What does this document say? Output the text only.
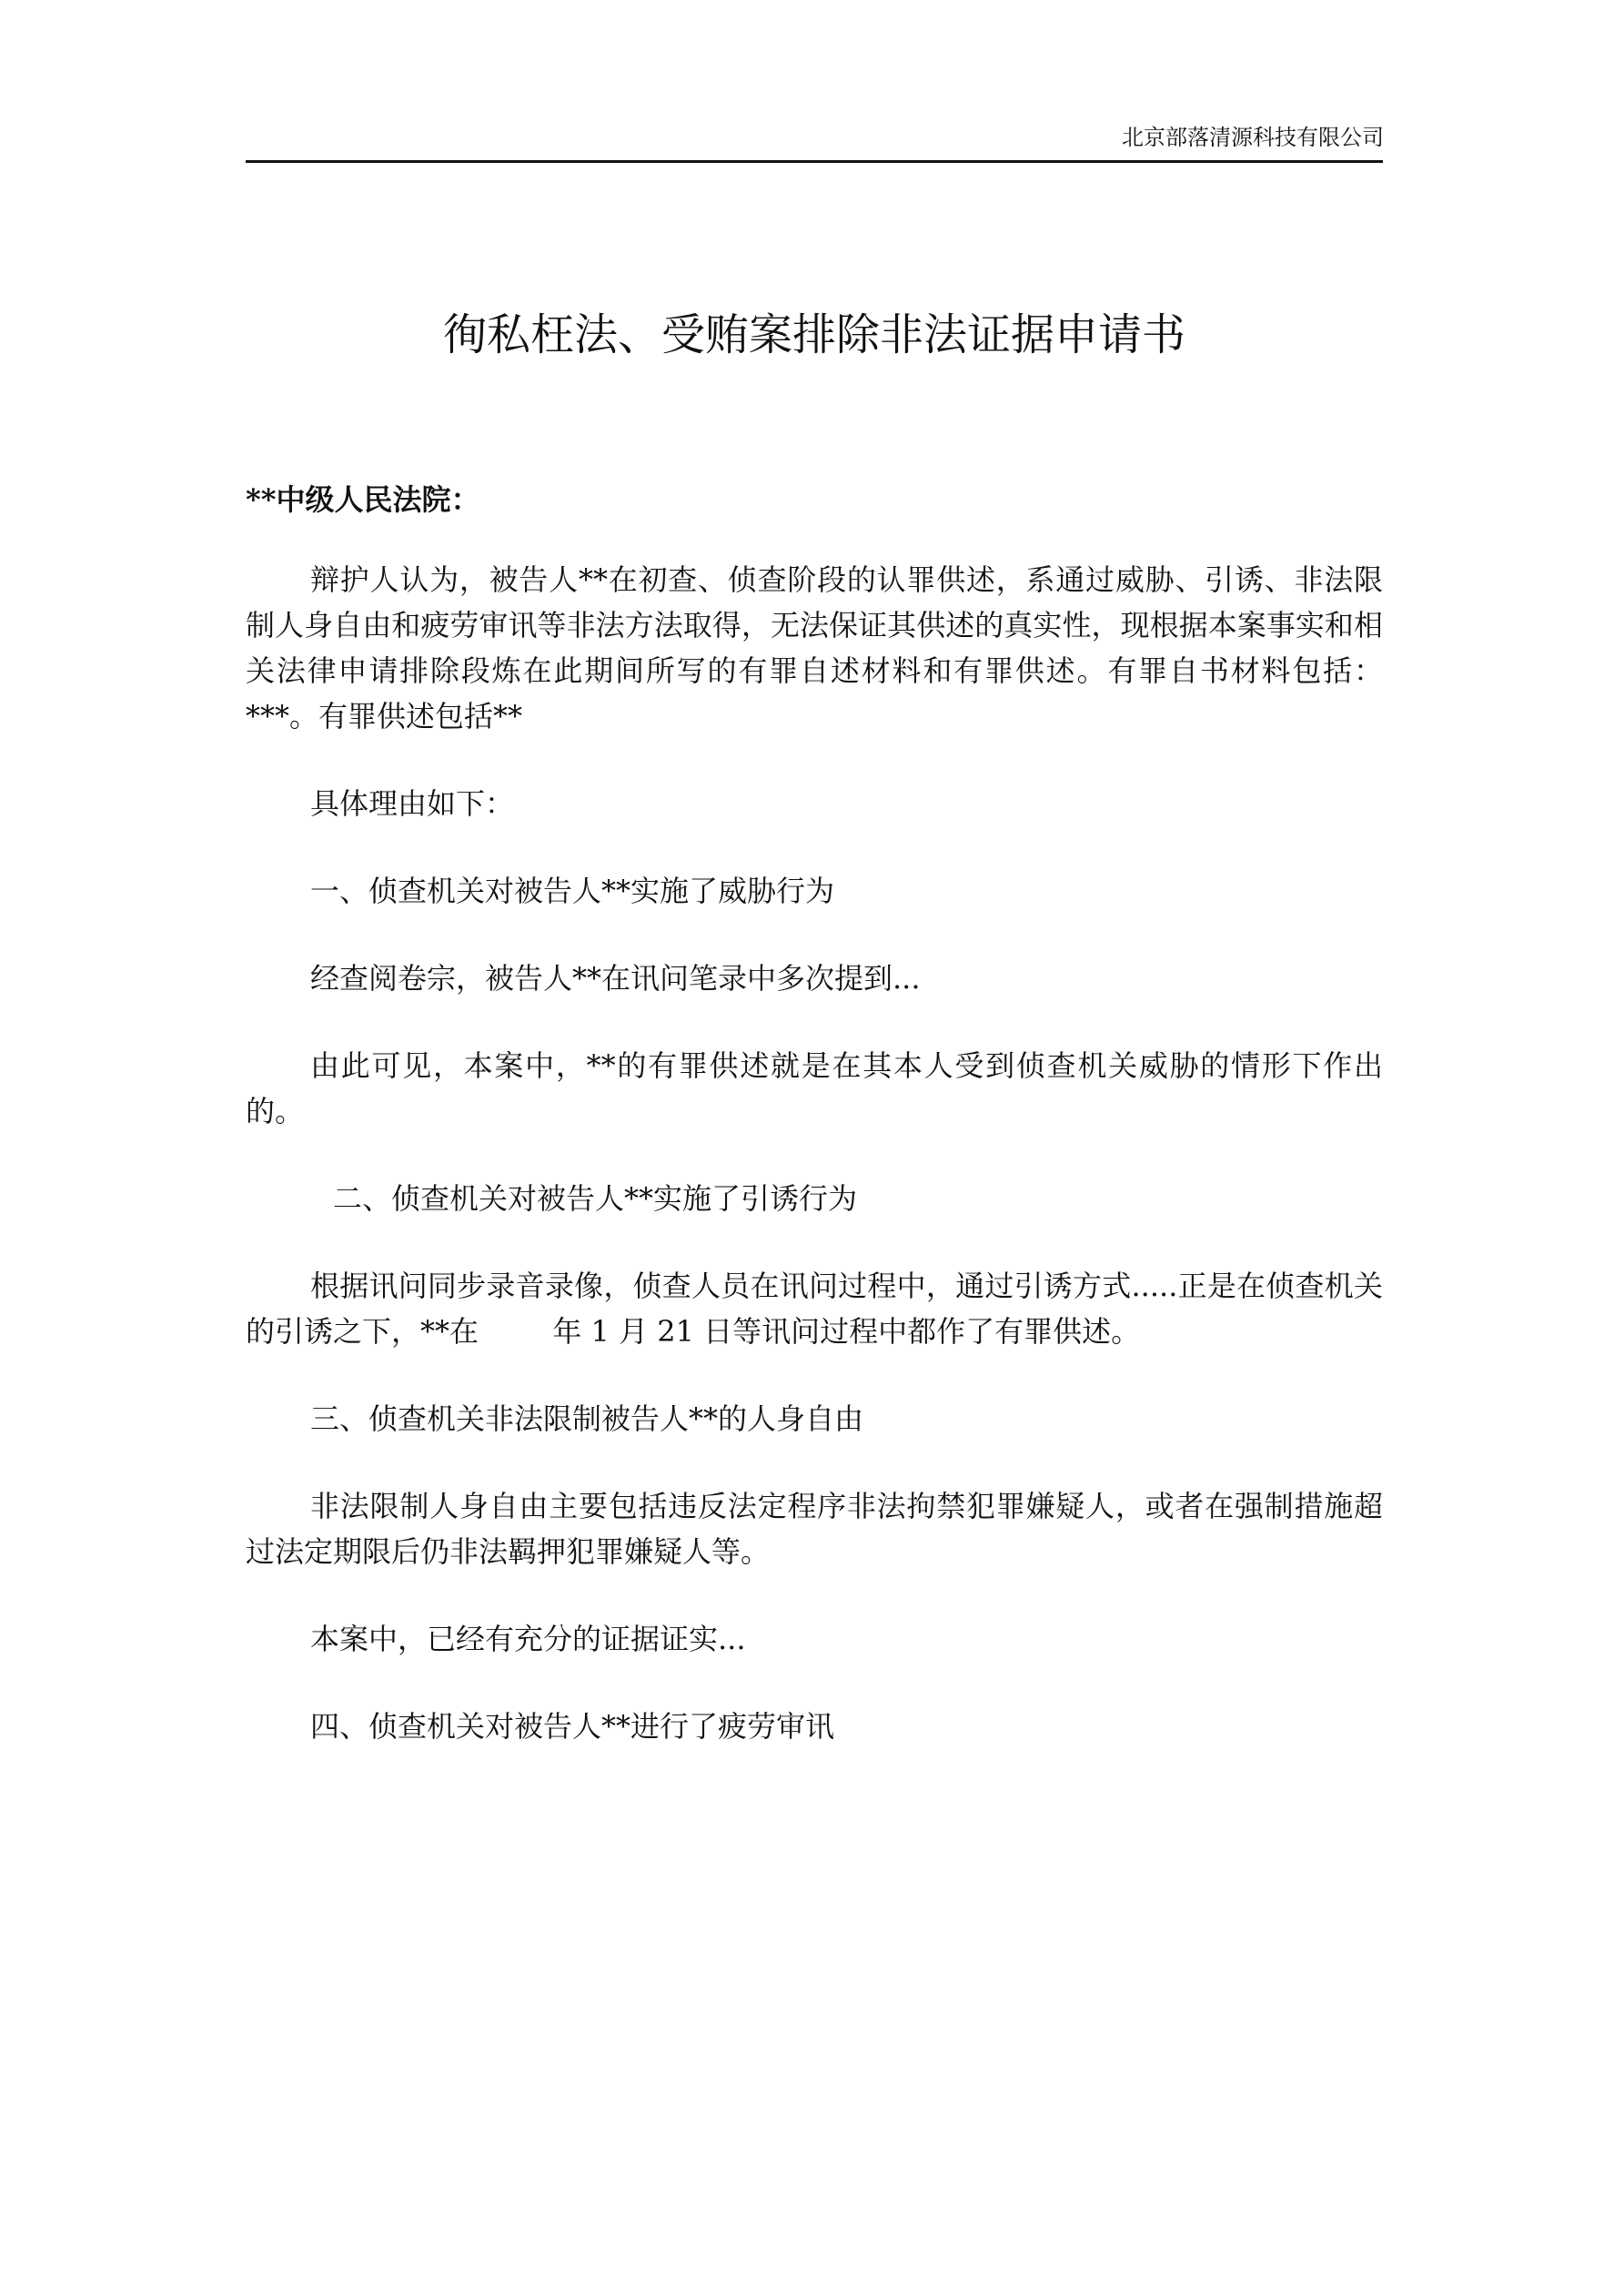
北京部落清源科技有限公司
徇私枉法、受贿案排除非法证据申请书

**中级人民法院：

辩护人认为，被告人**在初查、侦查阶段的认罪供述，系通过威胁、引诱、非法限制人身自由和疲劳审讯等非法方法取得，无法保证其供述的真实性，现根据本案事实和相关法律申请排除段炼在此期间所写的有罪自述材料和有罪供述。有罪自书材料包括：***。有罪供述包括**

具体理由如下：

一、侦查机关对被告人**实施了威胁行为

经查阅卷宗，被告人**在讯问笔录中多次提到...

由此可见，本案中，**的有罪供述就是在其本人受到侦查机关威胁的情形下作出的。

二、侦查机关对被告人**实施了引诱行为

根据讯问同步录音录像，侦查人员在讯问过程中，通过引诱方式.....正是在侦查机关的引诱之下，**在        年 1 月 21 日等讯问过程中都作了有罪供述。

三、侦查机关非法限制被告人**的人身自由

非法限制人身自由主要包括违反法定程序非法拘禁犯罪嫌疑人，或者在强制措施超过法定期限后仍非法羁押犯罪嫌疑人等。

本案中，已经有充分的证据证实...

四、侦查机关对被告人**进行了疲劳审讯
